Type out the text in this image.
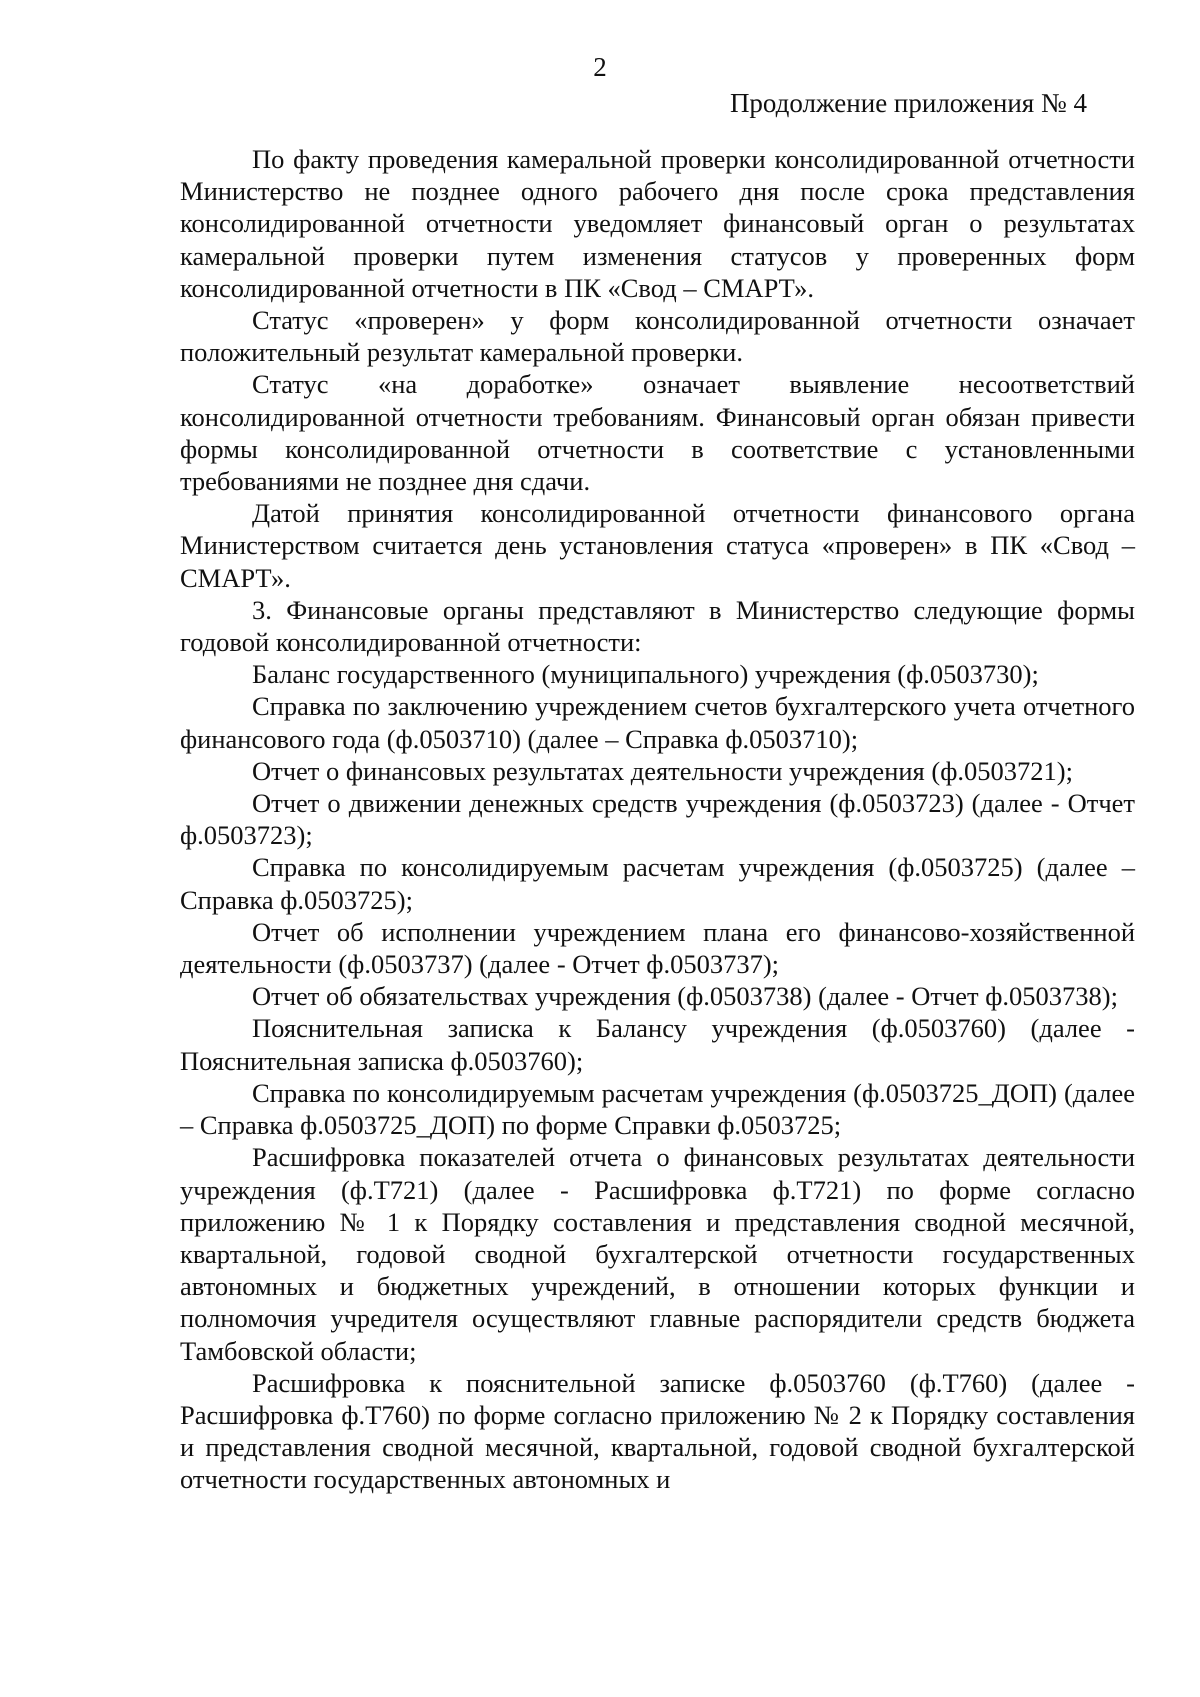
2
Продолжение приложения № 4

По факту проведения камеральной проверки консолидированной отчетности Министерство не позднее одного рабочего дня после срока представления консолидированной отчетности уведомляет финансовый орган о результатах камеральной проверки путем изменения статусов у проверенных форм консолидированной отчетности в ПК «Свод – СМАРТ».

Статус «проверен» у форм консолидированной отчетности означает положительный результат камеральной проверки.

Статус «на доработке» означает выявление несоответствий консолидированной отчетности требованиям. Финансовый орган обязан привести формы консолидированной отчетности в соответствие с установленными требованиями не позднее дня сдачи.

Датой принятия консолидированной отчетности финансового органа Министерством считается день установления статуса «проверен» в ПК «Свод – СМАРТ».

3. Финансовые органы представляют в Министерство следующие формы годовой консолидированной отчетности:

Баланс государственного (муниципального) учреждения (ф.0503730);

Справка по заключению учреждением счетов бухгалтерского учета отчетного финансового года (ф.0503710) (далее – Справка ф.0503710);

Отчет о финансовых результатах деятельности учреждения (ф.0503721);

Отчет о движении денежных средств учреждения (ф.0503723) (далее - Отчет ф.0503723);

Справка по консолидируемым расчетам учреждения (ф.0503725) (далее – Справка ф.0503725);

Отчет об исполнении учреждением плана его финансово-хозяйственной деятельности (ф.0503737) (далее - Отчет ф.0503737);

Отчет об обязательствах учреждения (ф.0503738) (далее - Отчет ф.0503738);

Пояснительная записка к Балансу учреждения (ф.0503760) (далее - Пояснительная записка ф.0503760);

Справка по консолидируемым расчетам учреждения (ф.0503725_ДОП) (далее – Справка ф.0503725_ДОП) по форме Справки ф.0503725;

Расшифровка показателей отчета о финансовых результатах деятельности учреждения (ф.Т721) (далее - Расшифровка ф.Т721) по форме согласно приложению № 1 к Порядку составления и представления сводной месячной, квартальной, годовой сводной бухгалтерской отчетности государственных автономных и бюджетных учреждений, в отношении которых функции и полномочия учредителя осуществляют главные распорядители средств бюджета Тамбовской области;

Расшифровка к пояснительной записке ф.0503760 (ф.Т760) (далее - Расшифровка ф.Т760) по форме согласно приложению № 2 к Порядку составления и представления сводной месячной, квартальной, годовой сводной бухгалтерской отчетности государственных автономных и
